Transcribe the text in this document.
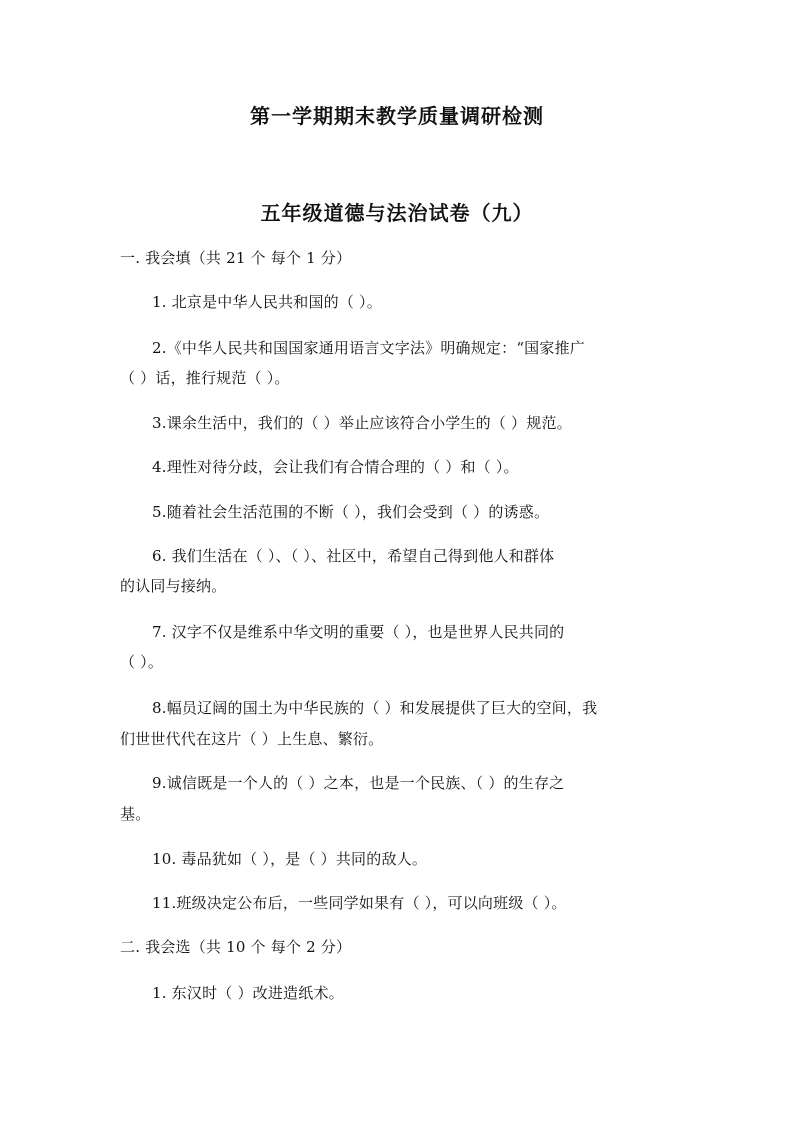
第一学期期末教学质量调研检测
五年级道德与法治试卷（九）
一. 我会填（共 21 个 每个 1 分）
1. 北京是中华人民共和国的（ ）。
2.《中华人民共和国国家通用语言文字法》明确规定：“国家推广
（ ）话，推行规范（ ）。
3.课余生活中，我们的（ ）举止应该符合小学生的（ ）规范。
4.理性对待分歧，会让我们有合情合理的（ ）和（ ）。
5.随着社会生活范围的不断（ ），我们会受到（ ）的诱惑。
6. 我们生活在（ ）、（ ）、社区中，希望自己得到他人和群体
的认同与接纳。
7. 汉字不仅是维系中华文明的重要（ ），也是世界人民共同的
（ ）。
8.幅员辽阔的国土为中华民族的（ ）和发展提供了巨大的空间，我
们世世代代在这片（ ）上生息、繁衍。
9.诚信既是一个人的（ ）之本，也是一个民族、（ ）的生存之
基。
10. 毒品犹如（ ），是（ ）共同的敌人。
11.班级决定公布后，一些同学如果有（ ），可以向班级（ ）。
二. 我会选（共 10 个 每个 2 分）
1. 东汉时（ ）改进造纸术。
